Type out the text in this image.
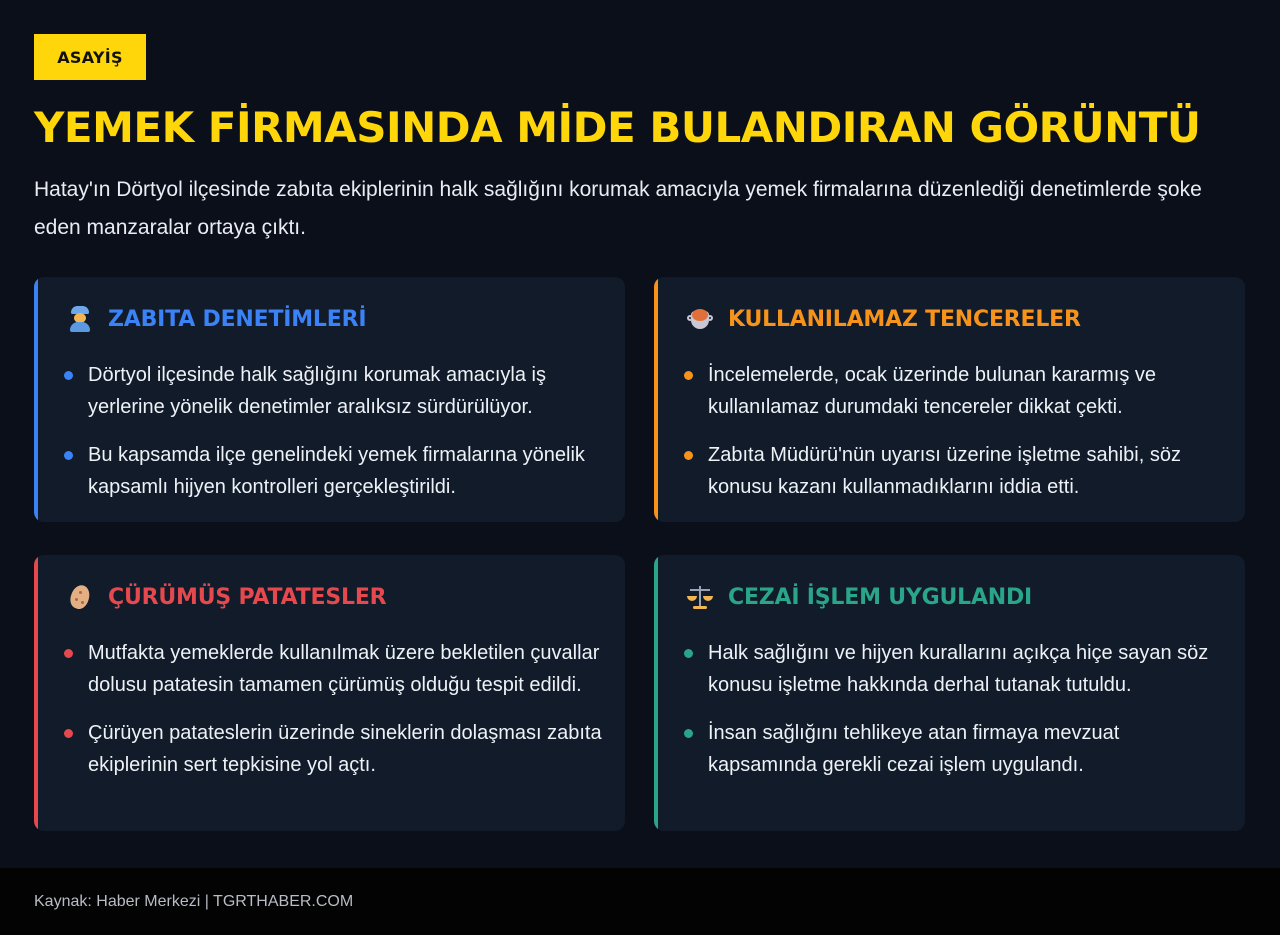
ASAYİŞ
YEMEK FİRMASINDA MİDE BULANDIRAN GÖRÜNTÜ

Hatay'ın Dörtyol ilçesinde zabıta ekiplerinin halk sağlığını korumak amacıyla yemek firmalarına düzenlediği denetimlerde şoke eden manzaralar ortaya çıktı.

ZABITA DENETİMLERİ
Dörtyol ilçesinde halk sağlığını korumak amacıyla iş yerlerine yönelik denetimler aralıksız sürdürülüyor.
Bu kapsamda ilçe genelindeki yemek firmalarına yönelik kapsamlı hijyen kontrolleri gerçekleştirildi.
KULLANILAMAZ TENCERELER
İncelemelerde, ocak üzerinde bulunan kararmış ve kullanılamaz durumdaki tencereler dikkat çekti.
Zabıta Müdürü'nün uyarısı üzerine işletme sahibi, söz konusu kazanı kullanmadıklarını iddia etti.
ÇÜRÜMÜŞ PATATESLER
Mutfakta yemeklerde kullanılmak üzere bekletilen çuvallar dolusu patatesin tamamen çürümüş olduğu tespit edildi.
Çürüyen patateslerin üzerinde sineklerin dolaşması zabıta ekiplerinin sert tepkisine yol açtı.
CEZAİ İŞLEM UYGULANDI
Halk sağlığını ve hijyen kurallarını açıkça hiçe sayan söz konusu işletme hakkında derhal tutanak tutuldu.
İnsan sağlığını tehlikeye atan firmaya mevzuat kapsamında gerekli cezai işlem uygulandı.
Kaynak: Haber Merkezi | TGRTHABER.COM
